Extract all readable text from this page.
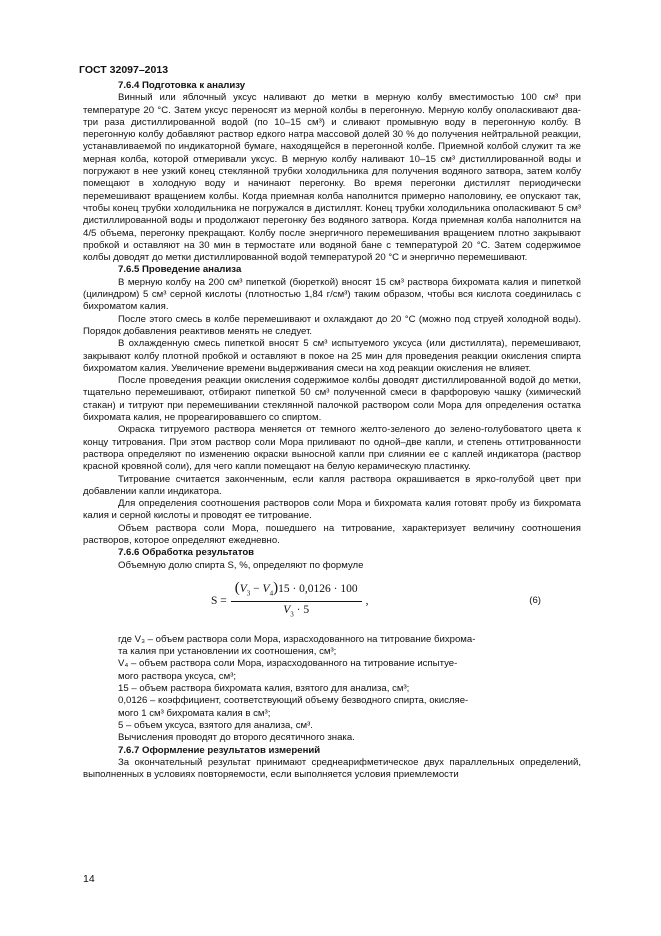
ГОСТ 32097–2013
7.6.4 Подготовка к анализу

Винный или яблочный уксус наливают до метки в мерную колбу вместимостью 100 см³ при температуре 20 °С. Затем уксус переносят из мерной колбы в перегонную. Мерную колбу ополаскивают два-три раза дистиллированной водой (по 10–15 см³) и сливают промывную воду в перегонную колбу. В перегонную колбу добавляют раствор едкого натра массовой долей 30 % до получения нейтральной реакции, устанавливаемой по индикаторной бумаге, находящейся в перегонной колбе. Приемной колбой служит та же мерная колба, которой отмеривали уксус. В мерную колбу наливают 10–15 см³ дистиллированной воды и погружают в нее узкий конец стеклянной трубки холодильника для получения водяного затвора, затем колбу помещают в холодную воду и начинают перегонку. Во время перегонки дистиллят периодически перемешивают вращением колбы. Когда приемная колба наполнится примерно наполовину, ее опускают так, чтобы конец трубки холодильника не погружался в дистиллят. Конец трубки холодильника ополаскивают 5 см³ дистиллированной воды и продолжают перегонку без водяного затвора. Когда приемная колба наполнится на 4/5 объема, перегонку прекращают. Колбу после энергичного перемешивания вращением плотно закрывают пробкой и оставляют на 30 мин в термостате или водяной бане с температурой 20 °С. Затем содержимое колбы доводят до метки дистиллированной водой температурой 20 °С и энергично перемешивают.

7.6.5 Проведение анализа

В мерную колбу на 200 см³ пипеткой (бюреткой) вносят 15 см³ раствора бихромата калия и пипеткой (цилиндром) 5 см³ серной кислоты (плотностью 1,84 г/см³) таким образом, чтобы вся кислота соединилась с бихроматом калия.

После этого смесь в колбе перемешивают и охлаждают до 20 °С (можно под струей холодной воды). Порядок добавления реактивов менять не следует.

В охлажденную смесь пипеткой вносят 5 см³ испытуемого уксуса (или дистиллята), перемешивают, закрывают колбу плотной пробкой и оставляют в покое на 25 мин для проведения реакции окисления спирта бихроматом калия. Увеличение времени выдерживания смеси на ход реакции окисления не влияет.

После проведения реакции окисления содержимое колбы доводят дистиллированной водой до метки, тщательно перемешивают, отбирают пипеткой 50 см³ полученной смеси в фарфоровую чашку (химический стакан) и титруют при перемешивании стеклянной палочкой раствором соли Мора для определения остатка бихромата калия, не прореагировавшего со спиртом.

Окраска титруемого раствора меняется от темного желто-зеленого до зелено-голубоватого цвета к концу титрования. При этом раствор соли Мора приливают по одной–две капли, и степень оттитрованности раствора определяют по изменению окраски выносной капли при слиянии ее с каплей индикатора (раствор красной кровяной соли), для чего капли помещают на белую керамическую пластинку.

Титрование считается законченным, если капля раствора окрашивается в ярко-голубой цвет при добавлении капли индикатора.

Для определения соотношения растворов соли Мора и бихромата калия готовят пробу из бихромата калия и серной кислоты и проводят ее титрование.

Объем раствора соли Мора, пошедшего на титрование, характеризует величину соотношения растворов, которое определяют ежедневно.

7.6.6 Обработка результатов

Объемную долю спирта S, %, определяют по формуле

$S = \frac{(V_3 - V_4)15 \cdot 0,0126 \cdot 100}{V_3 \cdot 5}$ ,	(6)

где V₃ – объем раствора соли Мора, израсходованного на титрование бихрома-

та калия при установлении их соотношения, см³;

V₄ – объем раствора соли Мора, израсходованного на титрование испытуе-

мого раствора уксуса, см³;

15 – объем раствора бихромата калия, взятого для анализа, см³;

0,0126 – коэффициент, соответствующий объему безводного спирта, окисляе-

мого 1 см³ бихромата калия в см³;

5 – объем уксуса, взятого для анализа, см³.

Вычисления проводят до второго десятичного знака.

7.6.7 Оформление результатов измерений

За окончательный результат принимают среднеарифметическое двух параллельных определений, выполненных в условиях повторяемости, если выполняется условия приемлемости

14
